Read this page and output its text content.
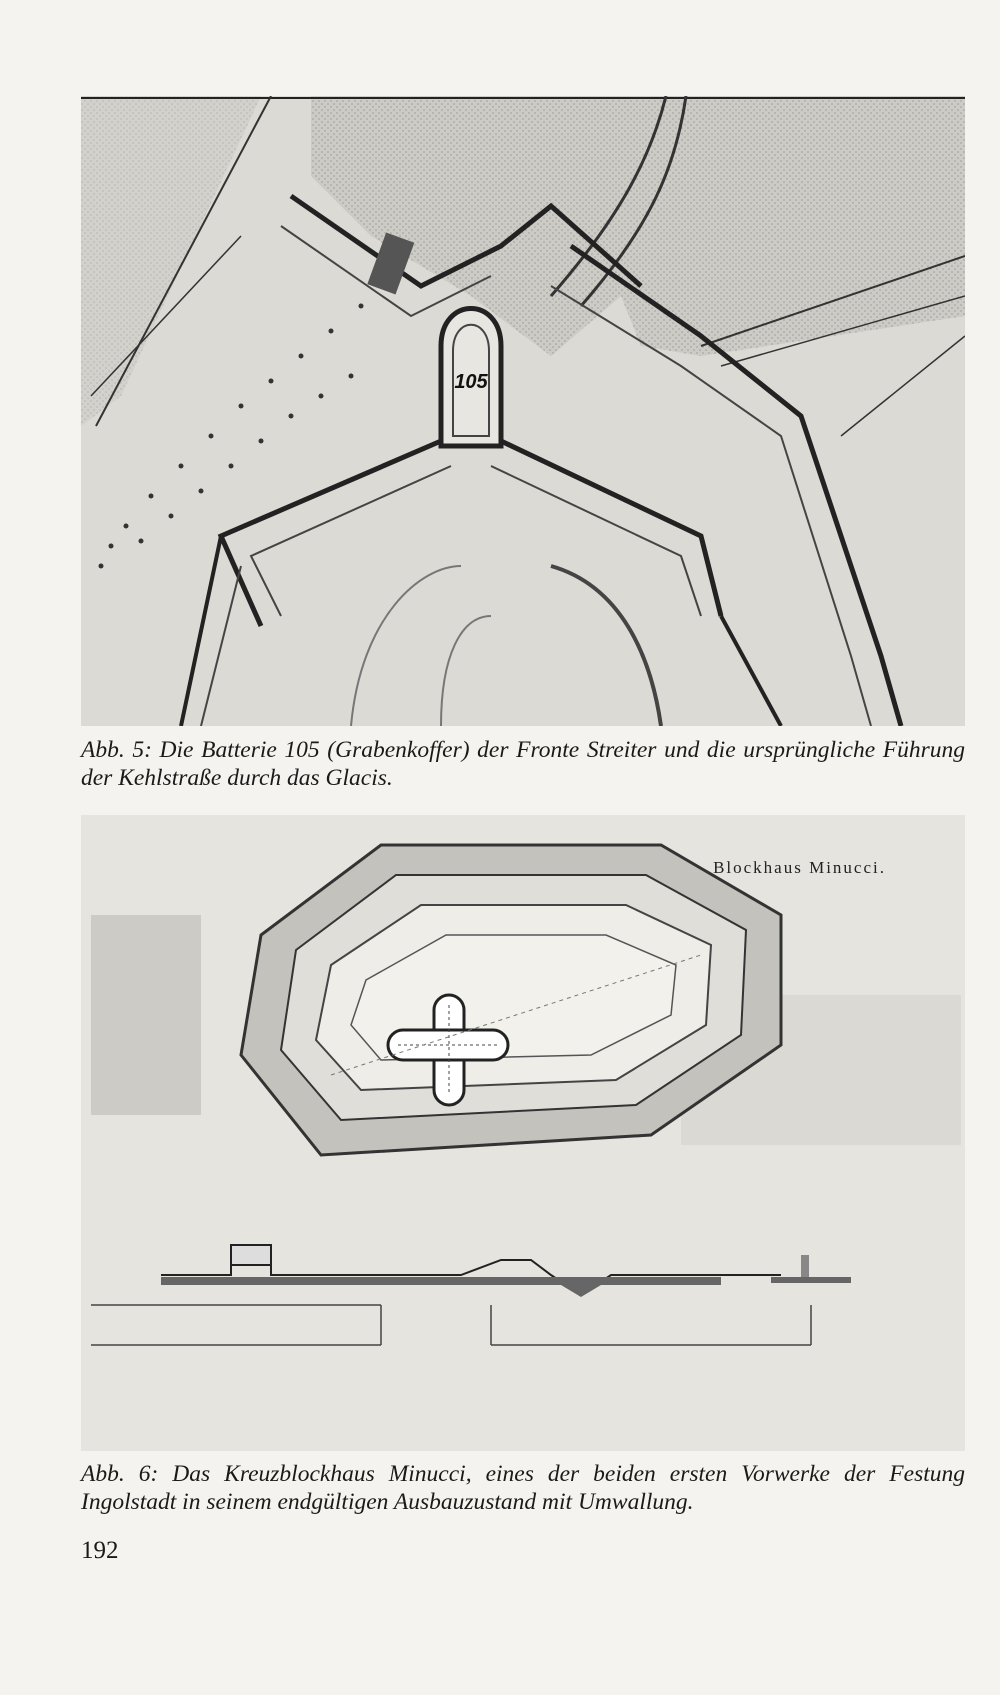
105
Abb. 5: Die Batterie 105 (Grabenkoffer) der Fronte Streiter und die ursprüngliche Führung der Kehlstraße durch das Glacis.
Blockhaus Minucci.
Abb. 6: Das Kreuzblockhaus Minucci, eines der beiden ersten Vorwerke der Festung Ingolstadt in seinem endgültigen Ausbauzustand mit Umwallung.
192
